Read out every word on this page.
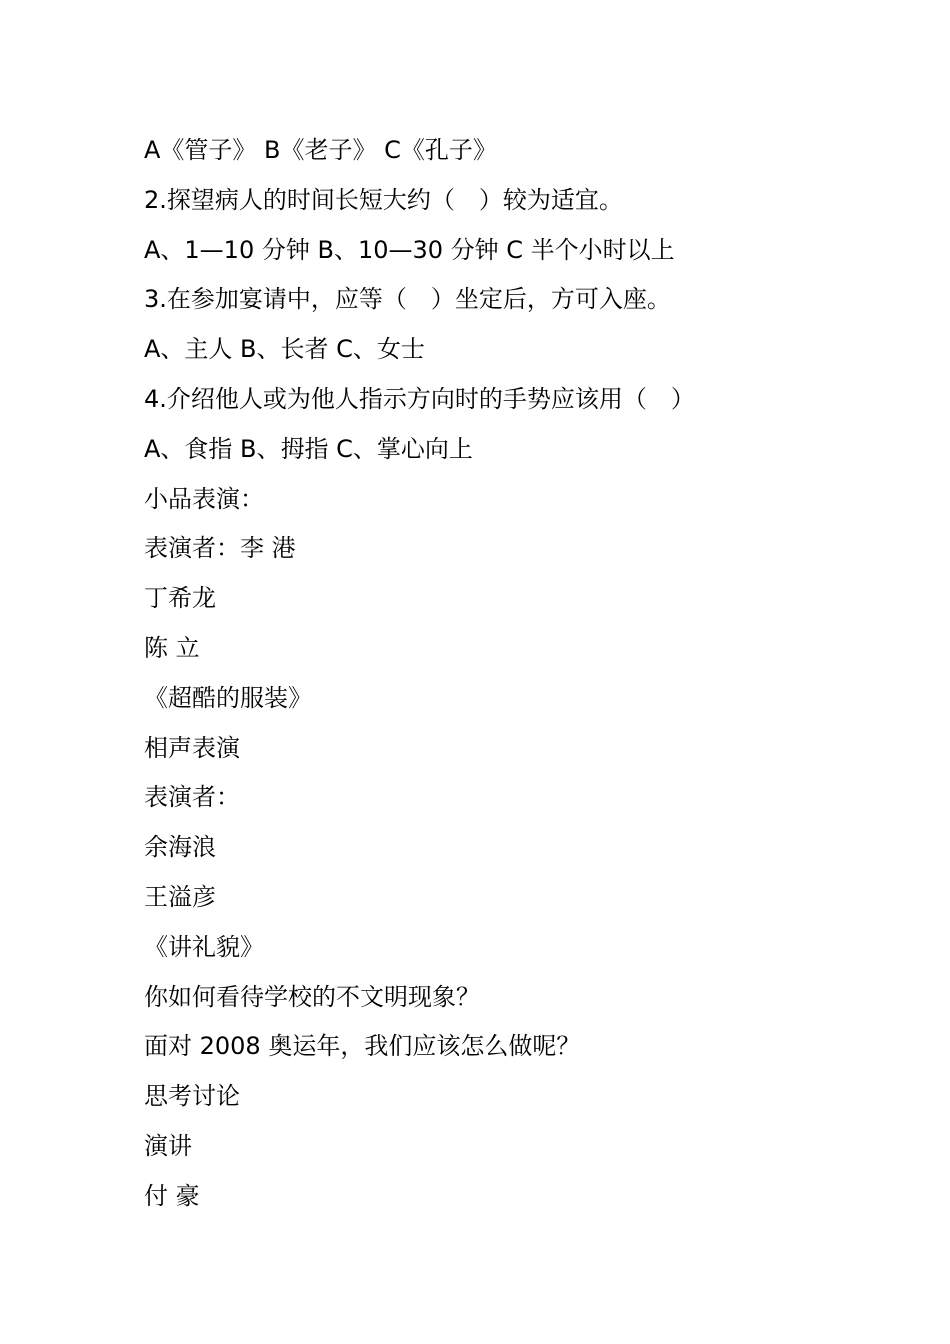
A《管子》 B《老子》 C《孔子》
2.探望病人的时间长短大约（　）较为适宜。
A、1—10 分钟 B、10—30 分钟 C 半个小时以上
3.在参加宴请中，应等（　）坐定后，方可入座。
A、主人 B、长者 C、女士
4.介绍他人或为他人指示方向时的手势应该用（　）
A、食指 B、拇指 C、掌心向上
小品表演：
表演者：李 港
丁希龙
陈 立
《超酷的服装》
相声表演
表演者：
余海浪
王溢彦
《讲礼貌》
你如何看待学校的不文明现象？
面对 2008 奥运年，我们应该怎么做呢？
思考讨论
演讲
付 豪
